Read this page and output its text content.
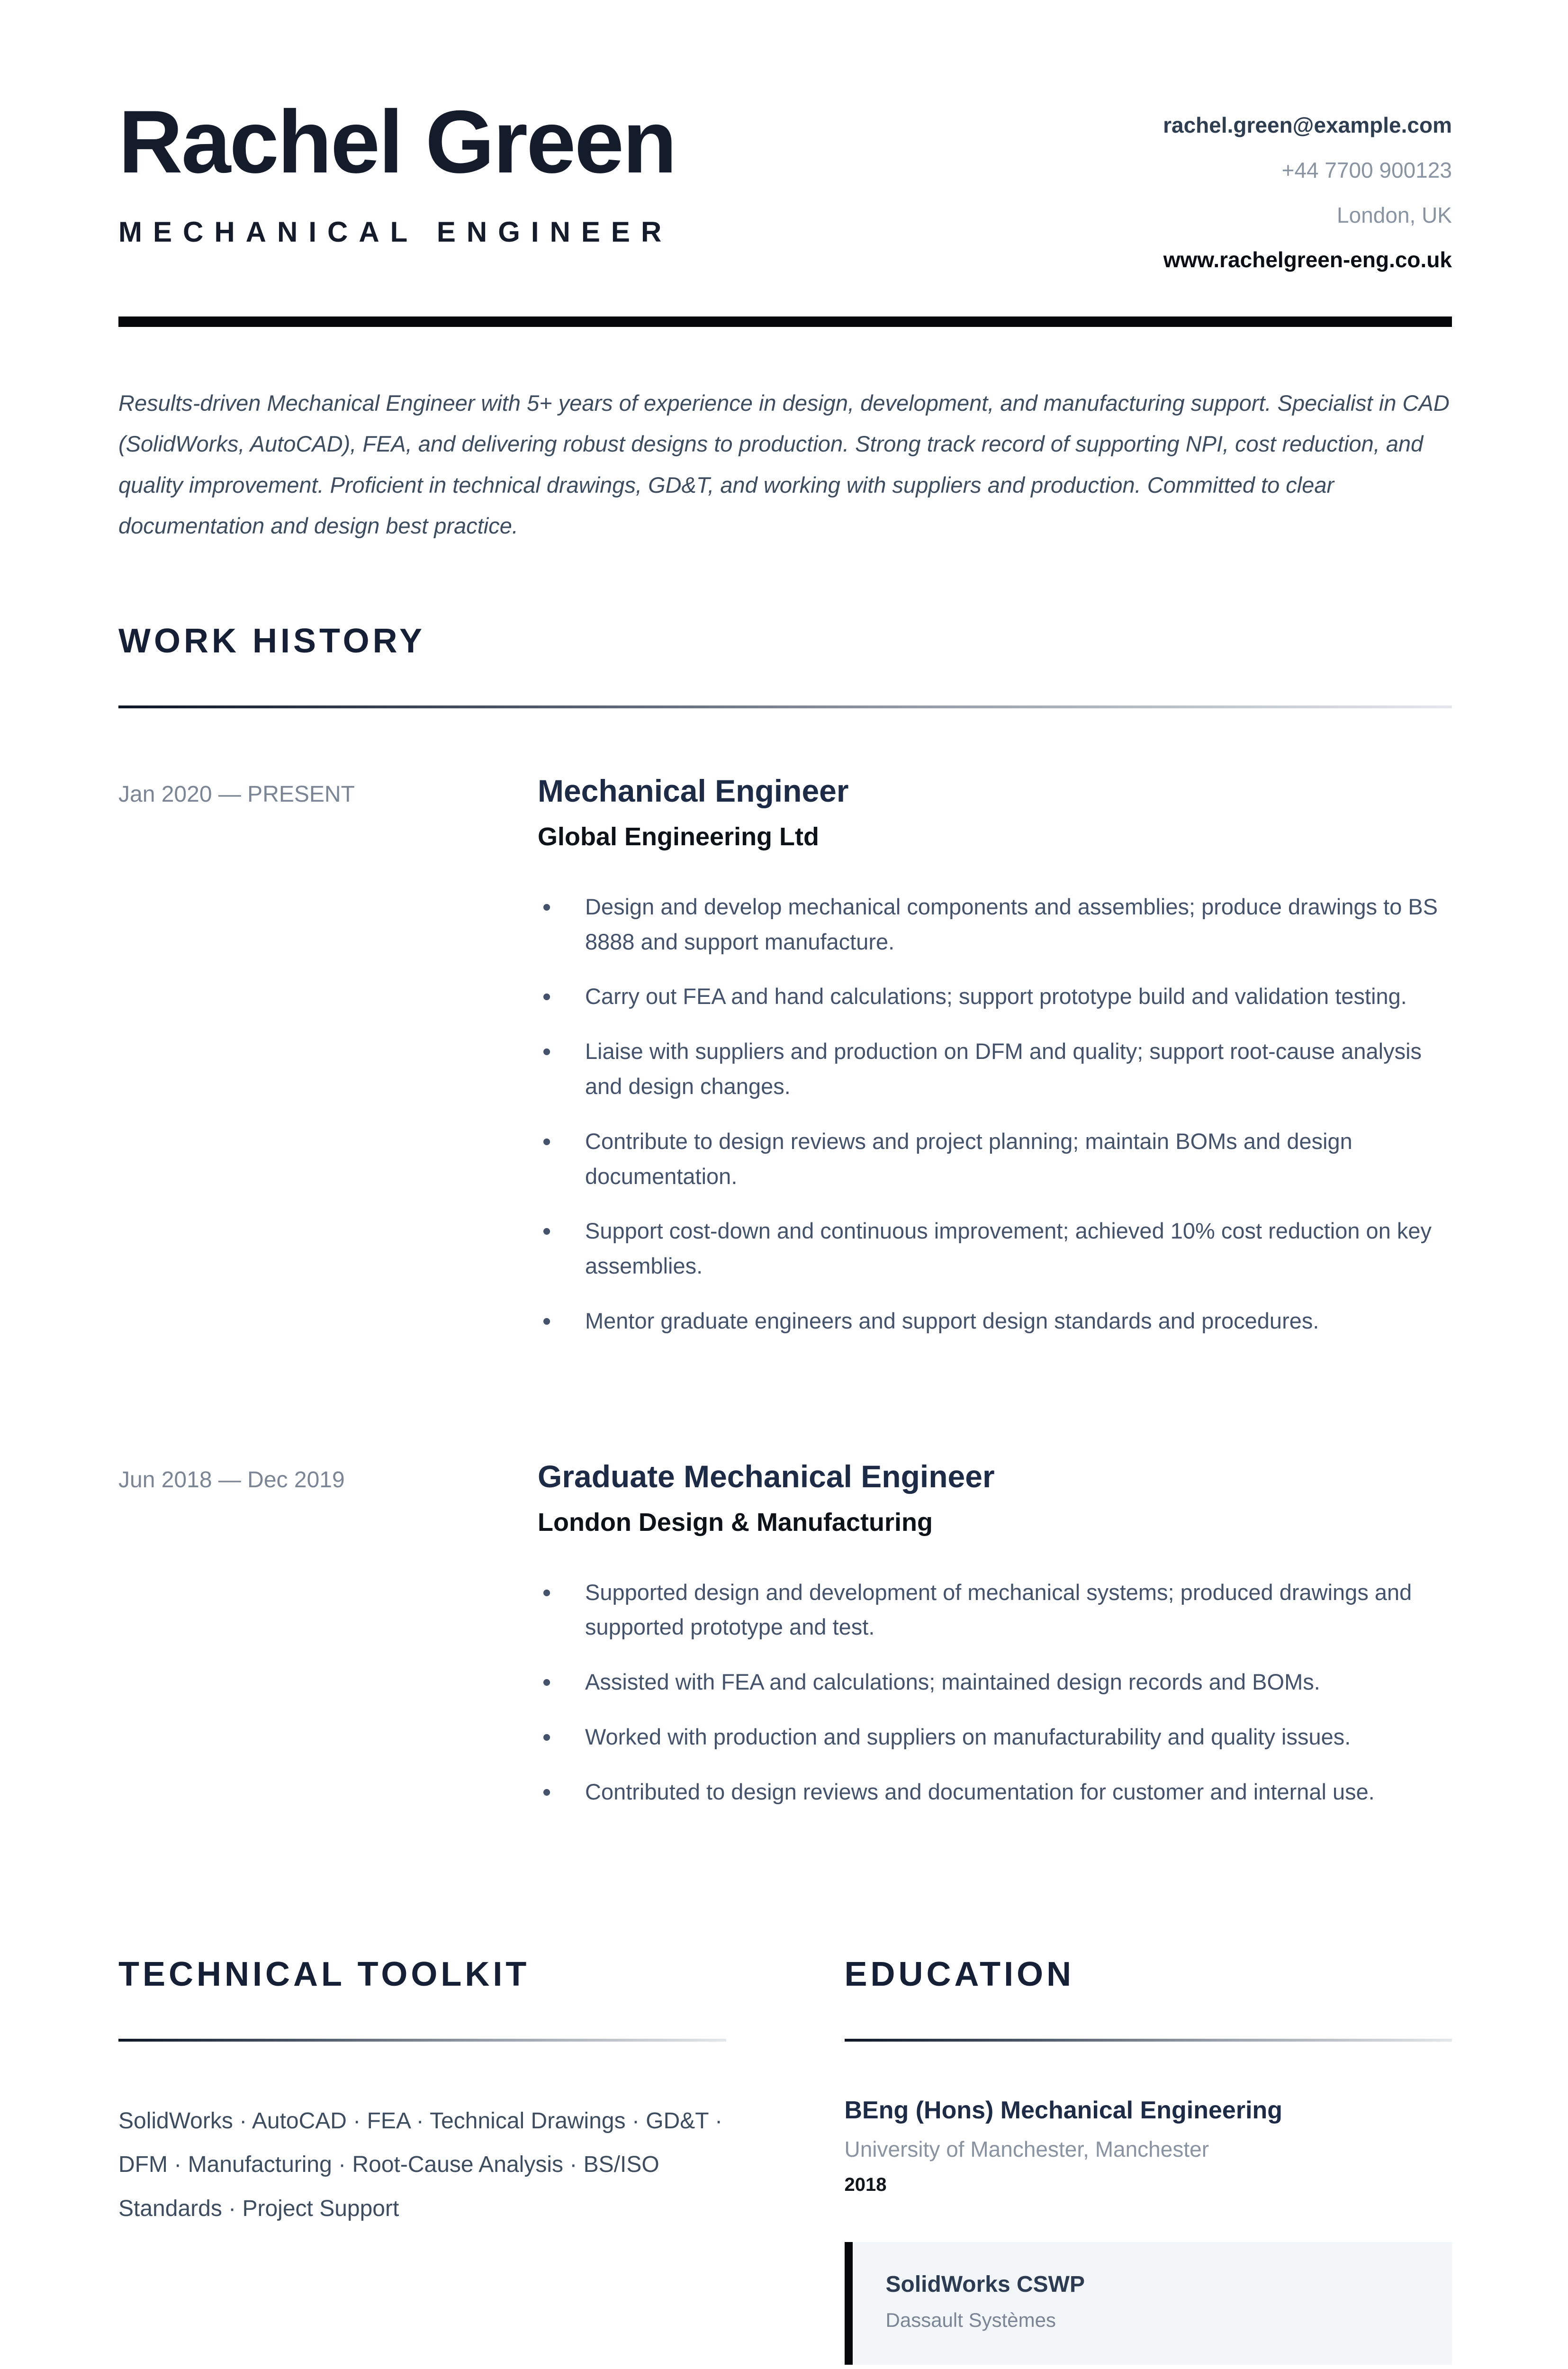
Rachel Green
MECHANICAL ENGINEER
rachel.green@example.com
+44 7700 900123
London, UK
www.rachelgreen-eng.co.uk

Results-driven Mechanical Engineer with 5+ years of experience in design, development, and manufacturing support. Specialist in CAD (SolidWorks, AutoCAD), FEA, and delivering robust designs to production. Strong track record of supporting NPI, cost reduction, and quality improvement. Proficient in technical drawings, GD&T, and working with suppliers and production. Committed to clear documentation and design best practice.

WORK HISTORY
Jan 2020 — PRESENT	Mechanical Engineer
Global Engineering Ltd
• Design and develop mechanical components and assemblies; produce drawings to BS 8888 and support manufacture.
• Carry out FEA and hand calculations; support prototype build and validation testing.
• Liaise with suppliers and production on DFM and quality; support root-cause analysis and design changes.
• Contribute to design reviews and project planning; maintain BOMs and design documentation.
• Support cost-down and continuous improvement; achieved 10% cost reduction on key assemblies.
• Mentor graduate engineers and support design standards and procedures.
Jun 2018 — Dec 2019	Graduate Mechanical Engineer
London Design & Manufacturing
• Supported design and development of mechanical systems; produced drawings and supported prototype and test.
• Assisted with FEA and calculations; maintained design records and BOMs.
• Worked with production and suppliers on manufacturability and quality issues.
• Contributed to design reviews and documentation for customer and internal use.
TECHNICAL TOOLKIT

SolidWorks · AutoCAD · FEA · Technical Drawings · GD&T · DFM · Manufacturing · Root-Cause Analysis · BS/ISO Standards · Project Support

EDUCATION
BEng (Hons) Mechanical Engineering
University of Manchester, Manchester
2018
SolidWorks CSWP
Dassault Systèmes
